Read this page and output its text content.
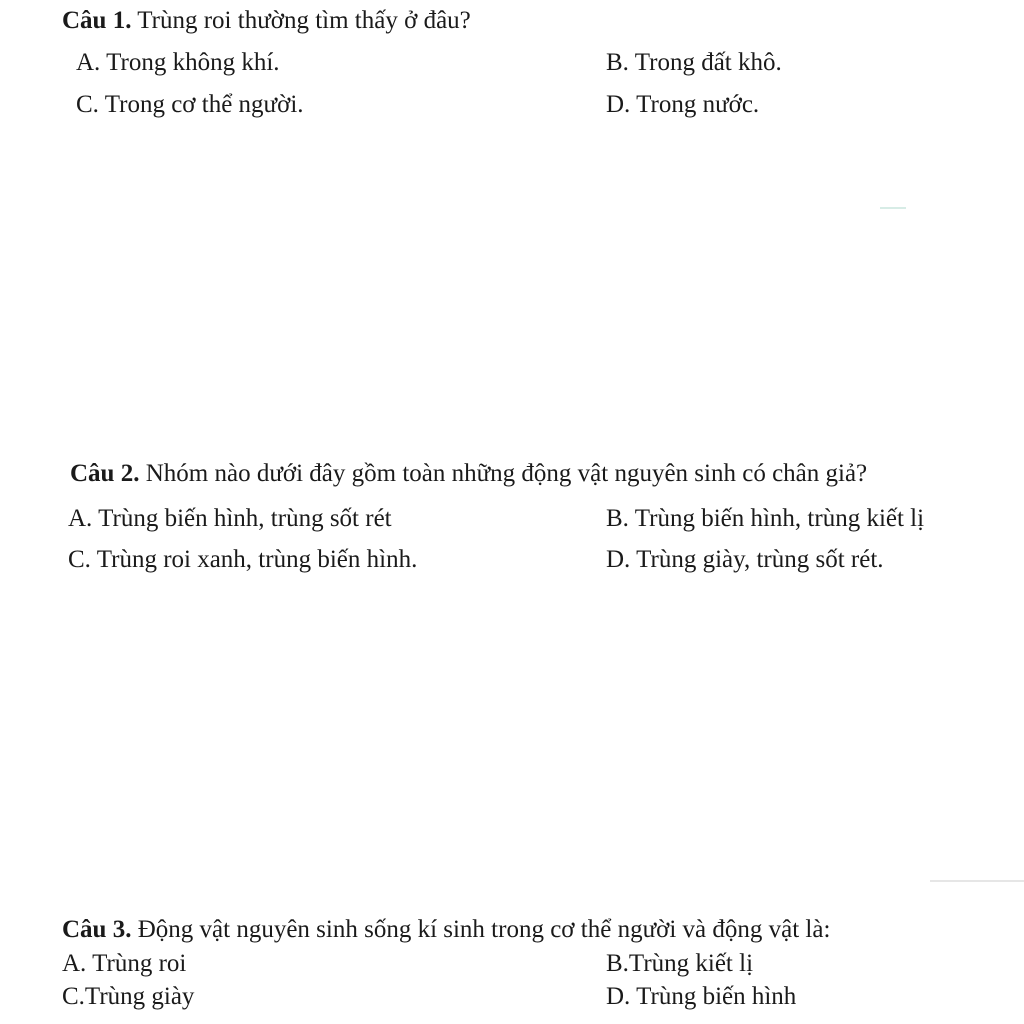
Câu 1. Trùng roi thường tìm thấy ở đâu?
A. Trong không khí.	B. Trong đất khô.
C. Trong cơ thể người.	D. Trong nước.
Câu 2. Nhóm nào dưới đây gồm toàn những động vật nguyên sinh có chân giả?
A. Trùng biến hình, trùng sốt rét	B. Trùng biến hình, trùng kiết lị
C. Trùng roi xanh, trùng biến hình.	D. Trùng giày, trùng sốt rét.
Câu 3. Động vật nguyên sinh sống kí sinh trong cơ thể người và động vật là:
A. Trùng roi	B.Trùng kiết lị
C.Trùng giày	D. Trùng biến hình
